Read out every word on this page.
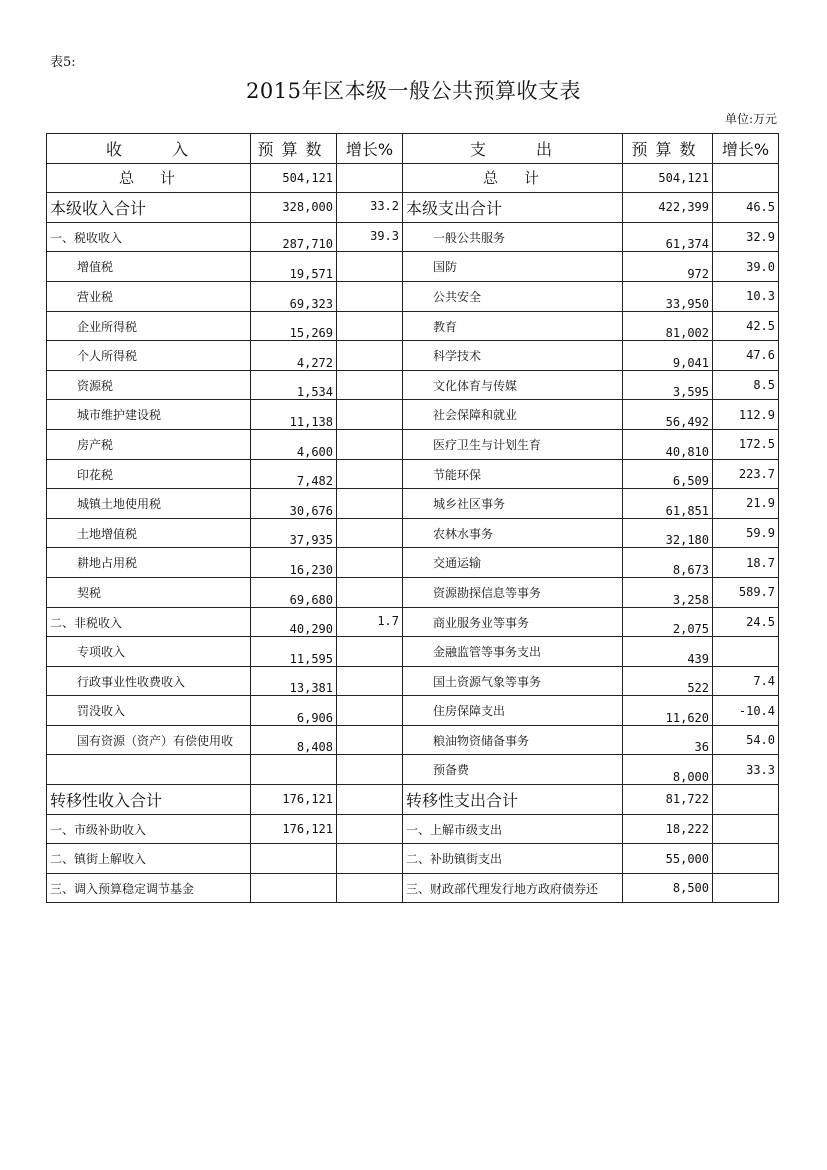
表5:
2015年区本级一般公共预算收支表
单位:万元
收入	预算数	增长%	支出	预算数	增长%
总计	504,121		总计	504,121	
本级收入合计	328,000	33.2	本级支出合计	422,399	46.5
一、税收收入	287,710	39.3	一般公共服务	61,374	32.9
增值税	19,571		国防	972	39.0
营业税	69,323		公共安全	33,950	10.3
企业所得税	15,269		教育	81,002	42.5
个人所得税	4,272		科学技术	9,041	47.6
资源税	1,534		文化体育与传媒	3,595	8.5
城市维护建设税	11,138		社会保障和就业	56,492	112.9
房产税	4,600		医疗卫生与计划生育	40,810	172.5
印花税	7,482		节能环保	6,509	223.7
城镇土地使用税	30,676		城乡社区事务	61,851	21.9
土地增值税	37,935		农林水事务	32,180	59.9
耕地占用税	16,230		交通运输	8,673	18.7
契税	69,680		资源勘探信息等事务	3,258	589.7
二、非税收入	40,290	1.7	商业服务业等事务	2,075	24.5
专项收入	11,595		金融监管等事务支出	439	
行政事业性收费收入	13,381		国土资源气象等事务	522	7.4
罚没收入	6,906		住房保障支出	11,620	-10.4
国有资源（资产）有偿使用收	8,408		粮油物资储备事务	36	54.0
			预备费	8,000	33.3
转移性收入合计	176,121		转移性支出合计	81,722	
一、市级补助收入	176,121		一、上解市级支出	18,222	
二、镇街上解收入			二、补助镇街支出	55,000	
三、调入预算稳定调节基金			三、财政部代理发行地方政府债券还	8,500	
